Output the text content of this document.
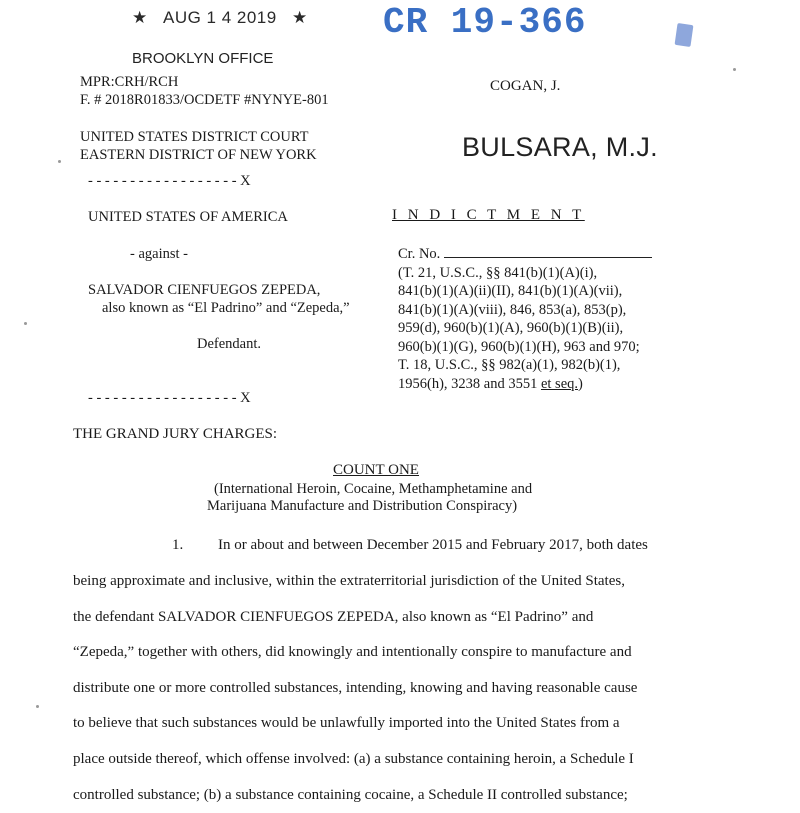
★ AUG 1 4 2019 ★
BROOKLYN OFFICE
CR 19-366
MPR:CRH/RCH
F. # 2018R01833/OCDETF #NYNYE-801
COGAN, J.
BULSARA, M.J.
UNITED STATES DISTRICT COURT
EASTERN DISTRICT OF NEW YORK
- - - - - - - - - - - - - - - - - - X
UNITED STATES OF AMERICA
- against -
SALVADOR CIENFUEGOS ZEPEDA,
also known as “El Padrino” and “Zepeda,”
Defendant.
- - - - - - - - - - - - - - - - - - X
I N D I C T M E N T
Cr. No.
(T. 21, U.S.C., §§ 841(b)(1)(A)(i),
841(b)(1)(A)(ii)(II), 841(b)(1)(A)(vii),
841(b)(1)(A)(viii), 846, 853(a), 853(p),
959(d), 960(b)(1)(A), 960(b)(1)(B)(ii),
960(b)(1)(G), 960(b)(1)(H), 963 and 970;
T. 18, U.S.C., §§ 982(a)(1), 982(b)(1),
1956(h), 3238 and 3551 et seq.)
THE GRAND JURY CHARGES:
COUNT ONE
(International Heroin, Cocaine, Methamphetamine and
Marijuana Manufacture and Distribution Conspiracy)
1. In or about and between December 2015 and February 2017, both dates
being approximate and inclusive, within the extraterritorial jurisdiction of the United States,
the defendant SALVADOR CIENFUEGOS ZEPEDA, also known as “El Padrino” and
“Zepeda,” together with others, did knowingly and intentionally conspire to manufacture and
distribute one or more controlled substances, intending, knowing and having reasonable cause
to believe that such substances would be unlawfully imported into the United States from a
place outside thereof, which offense involved: (a) a substance containing heroin, a Schedule I
controlled substance; (b) a substance containing cocaine, a Schedule II controlled substance;
